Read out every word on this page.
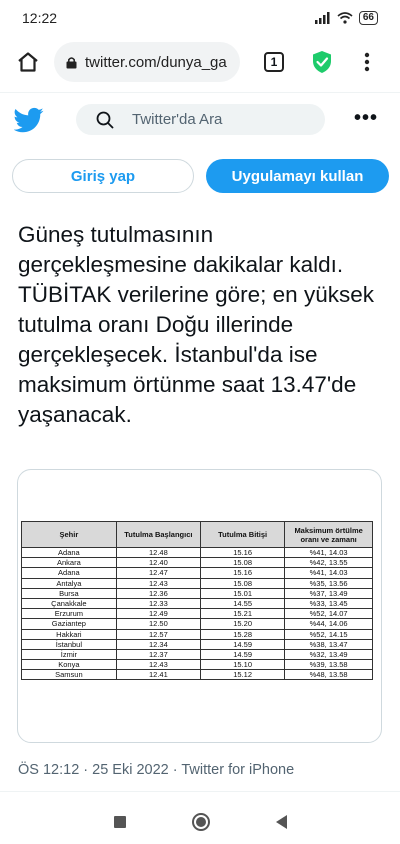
12:22	66
twitter.com/dunya_ga	1
Twitter'da Ara	•••
Giriş yap	Uygulamayı kullan
Güneş tutulmasının gerçekleşmesine dakikalar kaldı. TÜBİTAK verilerine göre; en yüksek tutulma oranı Doğu illerinde gerçekleşecek. İstanbul'da ise maksimum örtünme saat 13.47'de yaşanacak.
Şehir	Tutulma Başlangıcı	Tutulma Bitişi	Maksimum örtülme oranı ve zamanı
Adana	12.48	15.16	%41, 14.03
Ankara	12.40	15.08	%42, 13.55
Adana	12.47	15.16	%41, 14.03
Antalya	12.43	15.08	%35, 13.56
Bursa	12.36	15.01	%37, 13.49
Çanakkale	12.33	14.55	%33, 13.45
Erzurum	12.49	15.21	%52, 14.07
Gaziantep	12.50	15.20	%44, 14.06
Hakkari	12.57	15.28	%52, 14.15
İstanbul	12.34	14.59	%38, 13.47
İzmir	12.37	14.59	%32, 13.49
Konya	12.43	15.10	%39, 13.58
Samsun	12.41	15.12	%48, 13.58
ÖS 12:12 · 25 Eki 2022 · Twitter for iPhone
